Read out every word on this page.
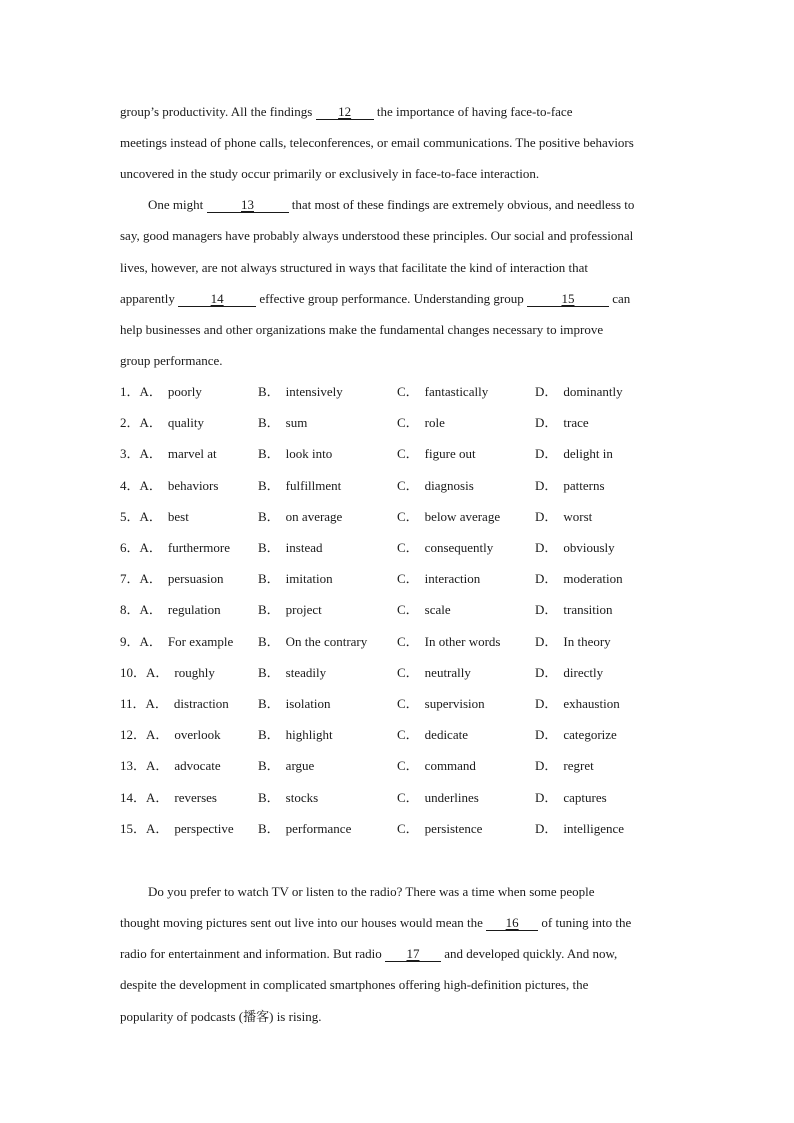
group’s productivity. All the findings 12 the importance of having face-to-face
meetings instead of phone calls, teleconferences, or email communications. The positive behaviors
uncovered in the study occur primarily or exclusively in face-to-face interaction.
One might	13	that most of these findings are extremely obvious, and needless to
say, good managers have probably always understood these principles. Our social and professional
lives, however, are not always structured in ways that facilitate the kind of interaction that
apparently	14	effective group performance. Understanding group	15	can
help businesses and other organizations make the fundamental changes necessary to improve
group performance.
1．A． poorly	B． intensively	C． fantastically	D． dominantly
2．A． quality	B． sum	C． role	D． trace
3．A． marvel at	B． look into	C． figure out	D． delight in
4．A． behaviors	B． fulfillment	C． diagnosis	D． patterns
5．A． best	B． on average	C． below average	D． worst
6．A． furthermore B． instead	C． consequently	D． obviously
7．A． persuasion	B． imitation	C． interaction	D． moderation
8．A． regulation	B． project	C． scale	D． transition
9．A． For example B． On the contrary C． In other words	D． In theory
10．A． roughly	B． steadily	C． neutrally	D． directly
11．A． distraction B． isolation	C． supervision	D． exhaustion
12．A． overlook	B． highlight	C． dedicate	D． categorize
13．A． advocate	B． argue	C． command	D． regret
14．A． reverses	B． stocks	C． underlines	D． captures
15．A． perspective B． performance	C． persistence	D． intelligence
Do you prefer to watch TV or listen to the radio? There was a time when some people
thought moving pictures sent out live into our houses would mean the 16 of tuning into the
radio for entertainment and information. But radio 17 and developed quickly. And now,
despite the development in complicated smartphones offering high-definition pictures, the
popularity of podcasts (播客) is rising.
